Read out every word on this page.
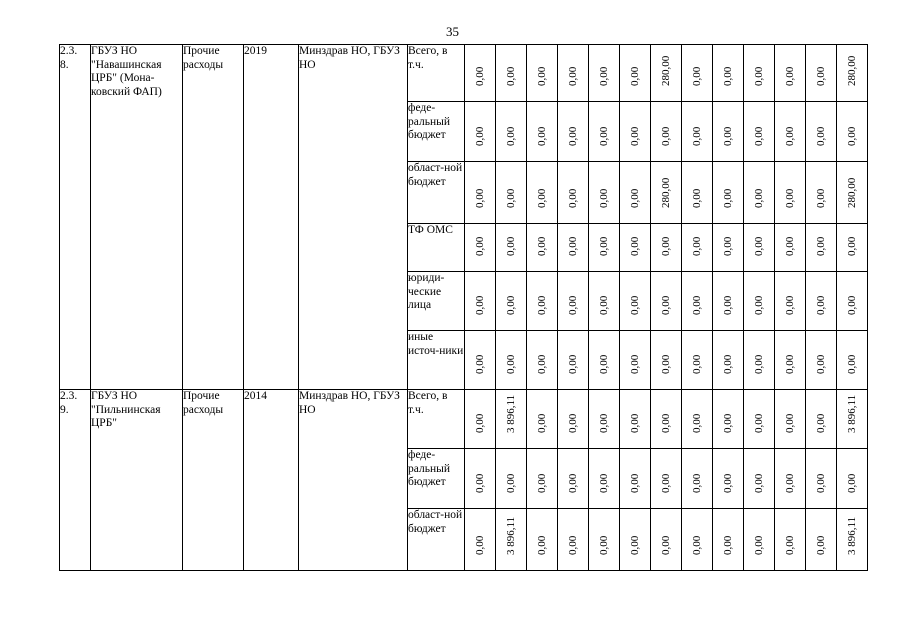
35
2.3.
8.	ГБУЗ НО "Навашинская ЦРБ" (Мона-ковский ФАП)	Прочие расходы	2019	Минздрав НО, ГБУЗ НО	Всего, в т.ч.	0,00	0,00	0,00	0,00	0,00	0,00	280,00	0,00	0,00	0,00	0,00	0,00	280,00

					феде-ральный бюджет	0,00	0,00	0,00	0,00	0,00	0,00	0,00	0,00	0,00	0,00	0,00	0,00	0,00

					област-ной бюджет	0,00	0,00	0,00	0,00	0,00	0,00	280,00	0,00	0,00	0,00	0,00	0,00	280,00

					ТФ ОМС	0,00	0,00	0,00	0,00	0,00	0,00	0,00	0,00	0,00	0,00	0,00	0,00	0,00

					юриди-ческие лица	0,00	0,00	0,00	0,00	0,00	0,00	0,00	0,00	0,00	0,00	0,00	0,00	0,00

					иные источ-ники	0,00	0,00	0,00	0,00	0,00	0,00	0,00	0,00	0,00	0,00	0,00	0,00	0,00

2.3.
9.	ГБУЗ НО "Пильнинская ЦРБ"	Прочие расходы	2014	Минздрав НО, ГБУЗ НО	Всего, в т.ч.	0,00	3 896,11	0,00	0,00	0,00	0,00	0,00	0,00	0,00	0,00	0,00	0,00	3 896,11

					феде-ральный бюджет	0,00	0,00	0,00	0,00	0,00	0,00	0,00	0,00	0,00	0,00	0,00	0,00	0,00

					област-ной бюджет	0,00	3 896,11	0,00	0,00	0,00	0,00	0,00	0,00	0,00	0,00	0,00	0,00	3 896,11
